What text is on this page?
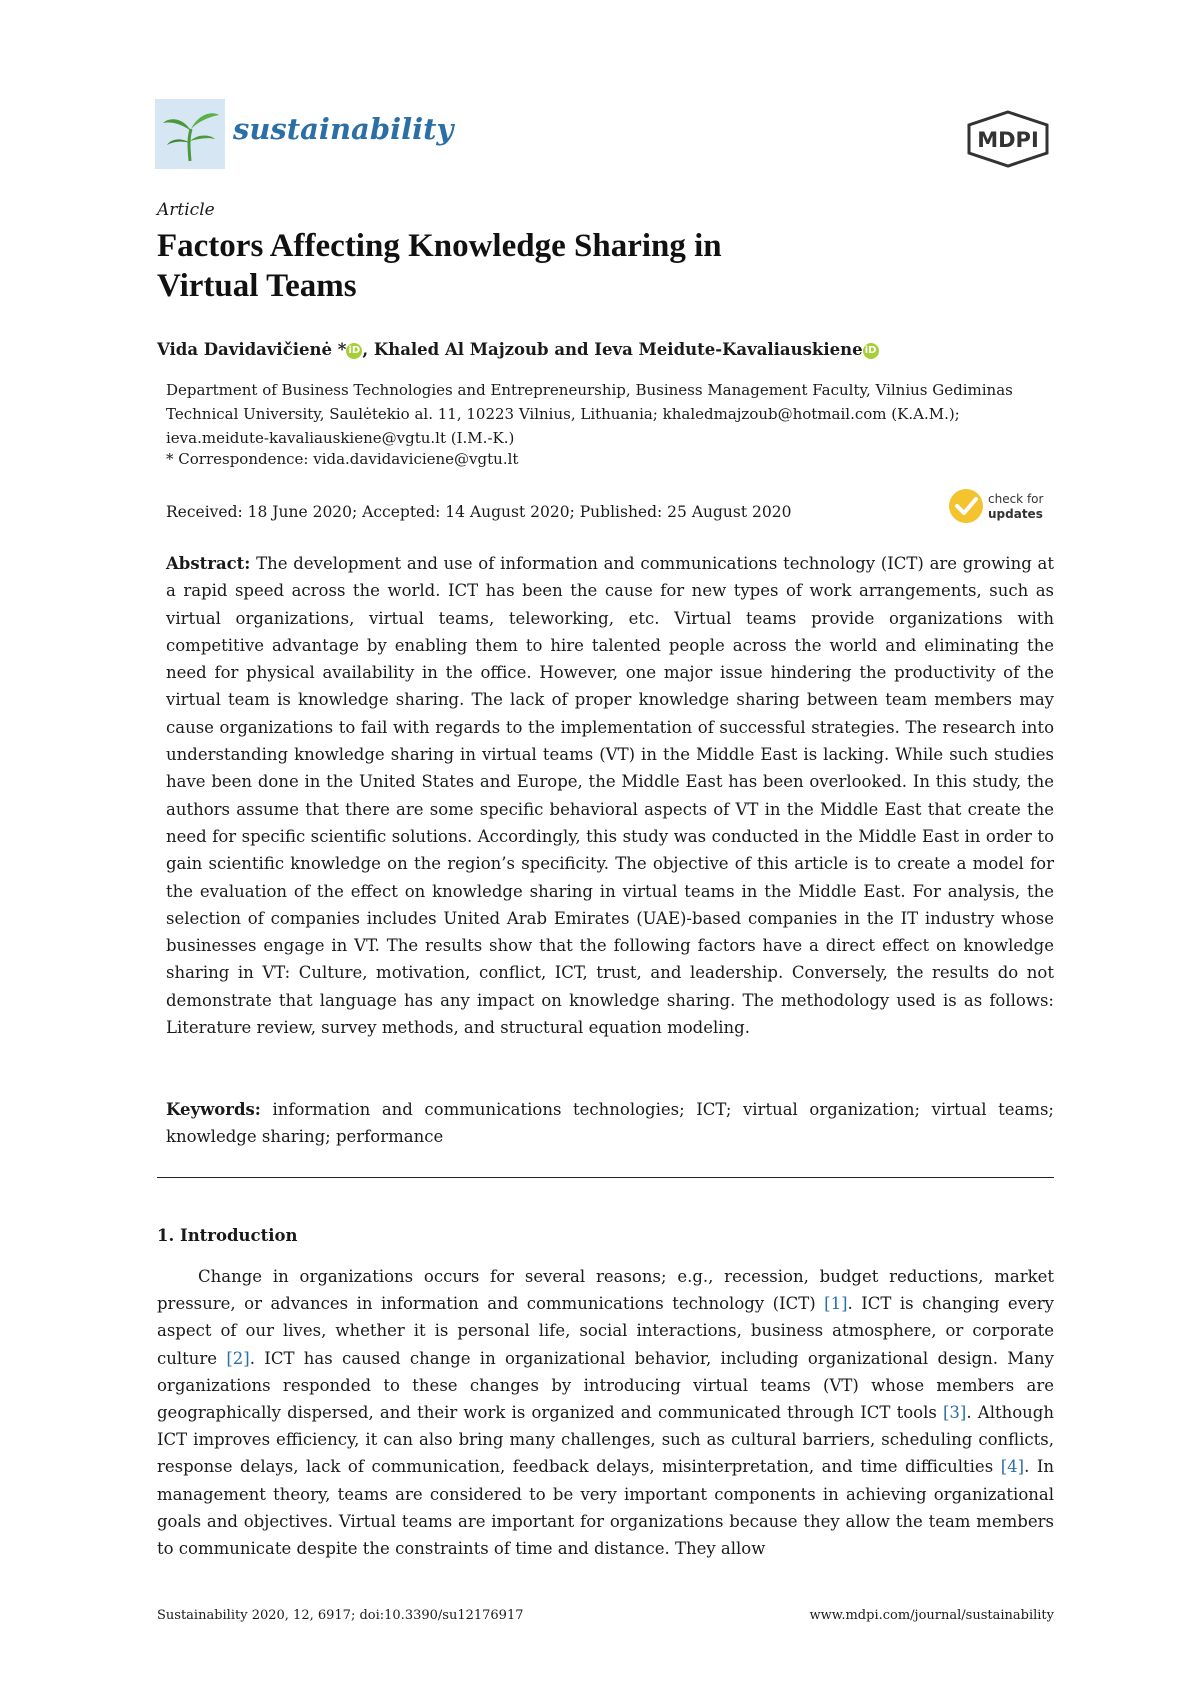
sustainability	MDPI
Article
Factors Affecting Knowledge Sharing in
Virtual Teams
Vida Davidavičienė * iD , Khaled Al Majzoub and Ieva Meidute-Kavaliauskiene iD
Department of Business Technologies and Entrepreneurship, Business Management Faculty, Vilnius Gediminas
Technical University, Saulėtekio al. 11, 10223 Vilnius, Lithuania; khaledmajzoub@hotmail.com (K.A.M.);
ieva.meidute-kavaliauskiene@vgtu.lt (I.M.-K.)
* Correspondence: vida.davidaviciene@vgtu.lt
Received: 18 June 2020; Accepted: 14 August 2020; Published: 25 August 2020
check for
updates
Abstract: The development and use of information and communications technology (ICT) are growing at a rapid speed across the world. ICT has been the cause for new types of work arrangements, such as virtual organizations, virtual teams, teleworking, etc. Virtual teams provide organizations with competitive advantage by enabling them to hire talented people across the world and eliminating the need for physical availability in the office. However, one major issue hindering the productivity of the virtual team is knowledge sharing. The lack of proper knowledge sharing between team members may cause organizations to fail with regards to the implementation of successful strategies. The research into understanding knowledge sharing in virtual teams (VT) in the Middle East is lacking. While such studies have been done in the United States and Europe, the Middle East has been overlooked. In this study, the authors assume that there are some specific behavioral aspects of VT in the Middle East that create the need for specific scientific solutions. Accordingly, this study was conducted in the Middle East in order to gain scientific knowledge on the region’s specificity. The objective of this article is to create a model for the evaluation of the effect on knowledge sharing in virtual teams in the Middle East. For analysis, the selection of companies includes United Arab Emirates (UAE)-based companies in the IT industry whose businesses engage in VT. The results show that the following factors have a direct effect on knowledge sharing in VT: Culture, motivation, conflict, ICT, trust, and leadership. Conversely, the results do not demonstrate that language has any impact on knowledge sharing. The methodology used is as follows: Literature review, survey methods, and structural equation modeling.
Keywords: information and communications technologies; ICT; virtual organization; virtual teams; knowledge sharing; performance
1. Introduction
Change in organizations occurs for several reasons; e.g., recession, budget reductions, market pressure, or advances in information and communications technology (ICT) [1]. ICT is changing every aspect of our lives, whether it is personal life, social interactions, business atmosphere, or corporate culture [2]. ICT has caused change in organizational behavior, including organizational design. Many organizations responded to these changes by introducing virtual teams (VT) whose members are geographically dispersed, and their work is organized and communicated through ICT tools [3]. Although ICT improves efficiency, it can also bring many challenges, such as cultural barriers, scheduling conflicts, response delays, lack of communication, feedback delays, misinterpretation, and time difficulties [4]. In management theory, teams are considered to be very important components in achieving organizational goals and objectives. Virtual teams are important for organizations because they allow the team members to communicate despite the constraints of time and distance. They allow
Sustainability 2020, 12, 6917; doi:10.3390/su12176917	www.mdpi.com/journal/sustainability
